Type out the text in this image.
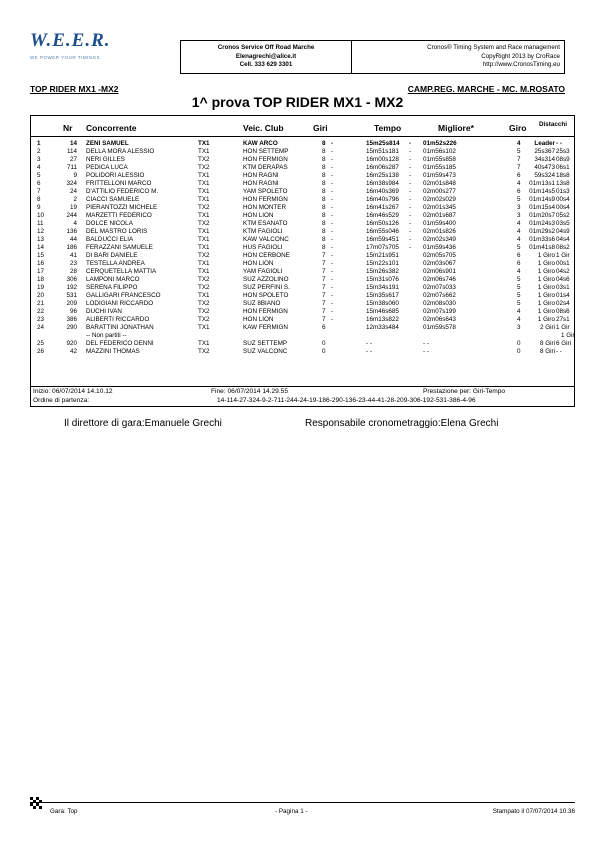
W.E.E.R.
WE POWER YOUR TIMINGS.
Cronos Service Off Road Marche
Elenagrechi@alice.it
Cell. 333 629 3301
Cronos® Timing System and Race management
CopyRight 2013 by CroRace
http://www.CronosTiming.eu
TOP RIDER MX1 -MX2	CAMP.REG. MARCHE - MC. M.ROSATO
1^ prova TOP RIDER MX1 - MX2
Nr Concorrente	Veic. Club	Giri	Tempo	Migliore*	Giro Distacchi
Inizio: 06/07/2014 14.10.12	Fine: 06/07/2014 14.29.55	Prestazione per: Giri-Tempo
Ordine di partenza:	14-114-27-324-9-2-711-244-24-19-186-290-136-23-44-41-28-209-306-192-531-386-4-96
1	14 ZENI SAMUEL	TX1	KAW ARCO	8	15m25s814	01m52s226	4	Leader - -
-	-
2	114 DELLA MORA ALESSIO	TX1	HON SETTEMP	8	15m51s181	01m56s102	5	25s367 25s3
-	-
3	27 NERI GILLES	TX2	HON FERMIGN	8	16m00s128	01m55s858	7	34s314 08s9
-	-
4	711 PEDICA LUCA	TX2	KTM DERAPAS	8	16m06s287	01m55s185	7	40s473 06s1
-	-
5	9 POLIDORI ALESSIO	TX1	HON RAGNI	8	16m25s138	01m59s473	6	59s324 18s8
-	-
6	324 FRITTELLONI MARCO	TX1	HON RAGNI	8	16m38s984	02m01s848	4	01m13s1 13s8
-	-
7	24 D'ATTILIO FEDERICO M.	TX1	YAM SPOLETO	8	16m40s369	02m00s277	6	01m14s5 01s3
-	-
8	2 CIACCI SAMUELE	TX1	HON FERMIGN	8	16m40s796	02m02s029	5	01m14s9 00s4
-	-
9	19 PIERANTOZZI MICHELE	TX2	HON MONTER	8	16m41s267	02m01s345	3	01m15s4 00s4
-	-
10	244 MARZETTI FEDERICO	TX1	HON LION	8	16m46s529	02m01s687	3	01m20s7 05s2
-	-
11	4 DOLCE NICOLA	TX2	KTM ESANATO	8	16m50s126	01m59s400	4	01m24s3 03s5
-	-
12	136 DEL MASTRO LORIS	TX1	KTM FAGIOLI	8	16m55s046	02m01s826	4	01m29s2 04s9
-	-
13	44 BALDUCCI ELIA	TX1	KAW VALCONC	8	16m59s451	02m02s349	4	01m33s6 04s4
-	-
14	186 FERAZZANI SAMUELE	TX1	HUS FAGIOLI	8	17m07s705	01m59s436	5	01m41s8 08s2
-	-
15	41 DI BARI DANIELE	TX2	HON CERBONE	7	15m21s951	02m05s705	6	1 Giro 1 Gir
-
16	23 TESTELLA ANDREA	TX1	HON LION	7	15m22s101	02m03s067	6	1 Giro 00s1
-
17	28 CERQUETELLA MATTIA	TX1	YAM FAGIOLI	7	15m26s382	02m06s901	4	1 Giro 04s2
-
18	306 LAMPONI MARCO	TX2	SUZ AZZOLINO	7	15m31s076	02m06s746	5	1 Giro 04s6
-
19	192 SERENA FILIPPO	TX2	SUZ PERFINI S.	7	15m34s191	02m07s033	5	1 Giro 03s1
-
20	531 GALLIGARI FRANCESCO	TX1	HON SPOLETO	7	15m35s617	02m07s662	5	1 Giro 01s4
-
21	209 LODIGIANI RICCARDO	TX2	SUZ 8BIANO	7	15m38s060	02m08s030	5	1 Giro 02s4
-
22	96 DUCHI IVAN	TX2	HON FERMIGN	7	15m46s685	02m07s199	4	1 Giro 08s6
-
23	386 ALIBERTI RICCARDO	TX2	HON LION	7	16m13s822	02m06s643	4	1 Giro 27s1
-
24	290 BARATTINI JONATHAN	TX1	KAW FERMIGN	6	12m33s484	01m59s578	3	2 Giri 1 Gir
-- Non partiti --	1 Gir
25	920 DEL FEDERICO DENNI	TX1	SUZ SETTEMP	0	- -	- -	0	8 Giri 6 Giri
26	42 MAZZINI THOMAS	TX2	SUZ VALCONC	0	- -	- -	0	8 Giri - -
Il direttore di gara:Emanuele Grechi	Responsabile cronometraggio:Elena Grechi
Gara: Top	- Pagina 1 -	Stampato il 07/07/2014 10.36
